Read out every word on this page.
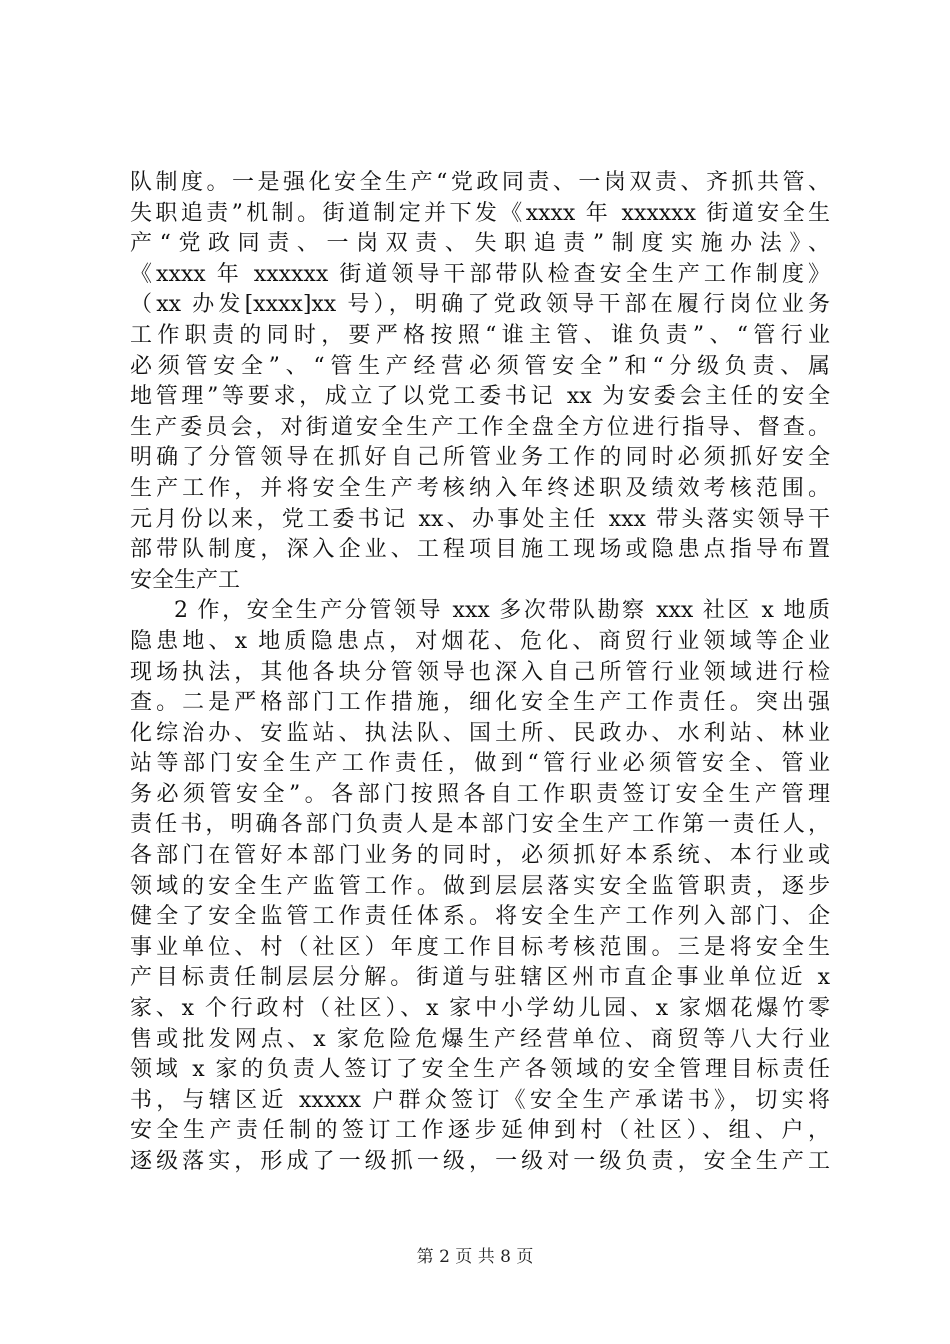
队制度。一是强化安全生产“党政同责、一岗双责、齐抓共管、
失职追责”机制。街道制定并下发《xxxx 年 xxxxxx 街道安全生
产“党政同责、一岗双责、失职追责”制度实施办法》、
《xxxx 年 xxxxxx 街道领导干部带队检查安全生产工作制度》
（xx 办发[xxxx]xx 号），明确了党政领导干部在履行岗位业务
工作职责的同时，要严格按照“谁主管、谁负责”、“管行业
必须管安全”、“管生产经营必须管安全”和“分级负责、属
地管理”等要求，成立了以党工委书记 xx 为安委会主任的安全
生产委员会，对街道安全生产工作全盘全方位进行指导、督查。
明确了分管领导在抓好自己所管业务工作的同时必须抓好安全
生产工作，并将安全生产考核纳入年终述职及绩效考核范围。
元月份以来，党工委书记 xx、办事处主任 xxx 带头落实领导干
部带队制度，深入企业、工程项目施工现场或隐患点指导布置
安全生产工
2 作，安全生产分管领导 xxx 多次带队勘察 xxx 社区 x 地质
隐患地、x 地质隐患点，对烟花、危化、商贸行业领域等企业
现场执法，其他各块分管领导也深入自己所管行业领域进行检
查。二是严格部门工作措施，细化安全生产工作责任。突出强
化综治办、安监站、执法队、国土所、民政办、水利站、林业
站等部门安全生产工作责任，做到“管行业必须管安全、管业
务必须管安全”。各部门按照各自工作职责签订安全生产管理
责任书，明确各部门负责人是本部门安全生产工作第一责任人，
各部门在管好本部门业务的同时，必须抓好本系统、本行业或
领域的安全生产监管工作。做到层层落实安全监管职责，逐步
健全了安全监管工作责任体系。将安全生产工作列入部门、企
事业单位、村（社区）年度工作目标考核范围。三是将安全生
产目标责任制层层分解。街道与驻辖区州市直企事业单位近 x
家、x 个行政村（社区）、x 家中小学幼儿园、x 家烟花爆竹零
售或批发网点、x 家危险危爆生产经营单位、商贸等八大行业
领域 x 家的负责人签订了安全生产各领域的安全管理目标责任
书，与辖区近 xxxxx 户群众签订《安全生产承诺书》，切实将
安全生产责任制的签订工作逐步延伸到村（社区）、组、户，
逐级落实，形成了一级抓一级，一级对一级负责，安全生产工
第 2 页 共 8 页
